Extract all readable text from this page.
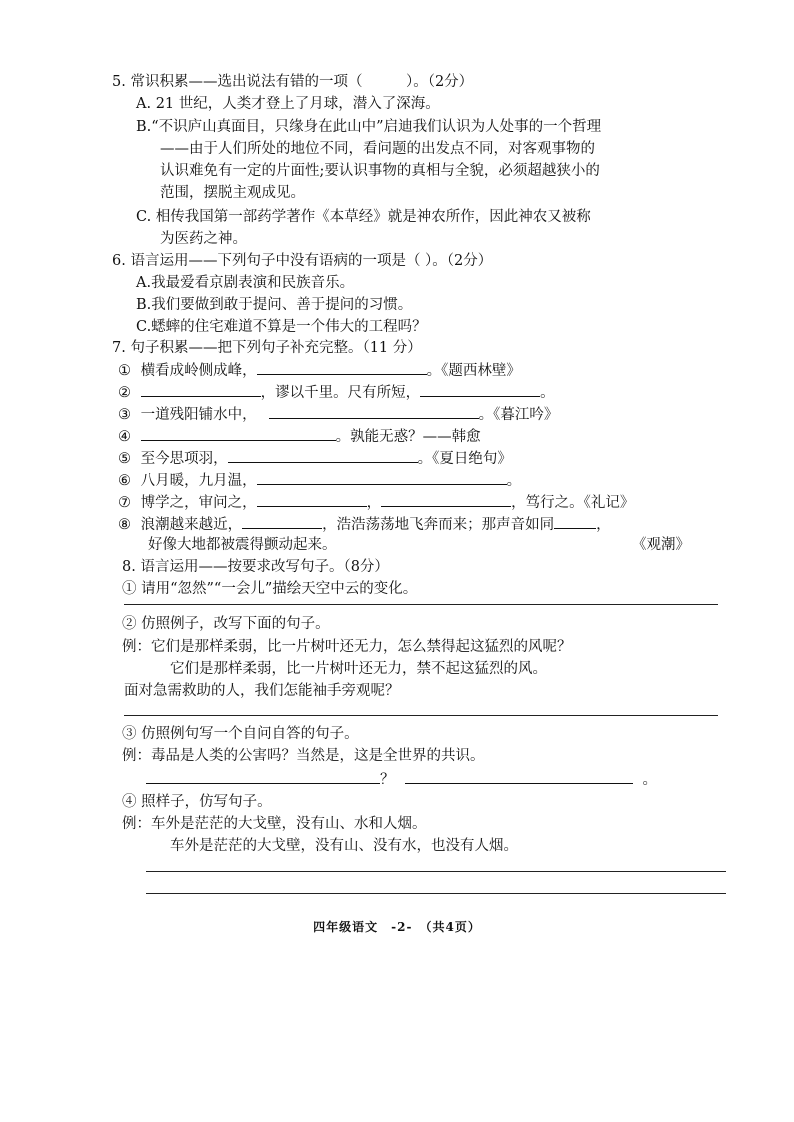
5. 常识积累——选出说法有错的一项（　　　）。（2分）
A. 21 世纪，人类才登上了月球，潜入了深海。
B.“不识庐山真面目，只缘身在此山中”启迪我们认识为人处事的一个哲理
——由于人们所处的地位不同，看问题的出发点不同，对客观事物的
认识难免有一定的片面性;要认识事物的真相与全貌，必须超越狭小的
范围，摆脱主观成见。
C. 相传我国第一部药学著作《本草经》就是神农所作，因此神农又被称
为医药之神。
6. 语言运用——下列句子中没有语病的一项是（ ）。（2分）
A.我最爱看京剧表演和民族音乐。
B.我们要做到敢于提问、善于提问的习惯。
C.蟋蟀的住宅难道不算是一个伟大的工程吗？
7. 句子积累——把下列句子补充完整。（11 分）
① 横看成岭侧成峰，	。《题西林壁》
②	，谬以千里。尺有所短，	。
③ 一道残阳铺水中，	。《暮江吟》
④	。孰能无惑？——韩愈
⑤ 至今思项羽，	。《夏日绝句》
⑥ 八月暖，九月温，	。
⑦ 博学之，审问之，	，	，笃行之。《礼记》
⑧ 浪潮越来越近，	，浩浩荡荡地飞奔而来；那声音如同	，
好像大地都被震得颤动起来。	《观潮》
8. 语言运用——按要求改写句子。（8分）
① 请用“忽然”“一会儿”描绘天空中云的变化。
② 仿照例子，改写下面的句子。
例：它们是那样柔弱，比一片树叶还无力，怎么禁得起这猛烈的风呢？
它们是那样柔弱，比一片树叶还无力，禁不起这猛烈的风。
面对急需救助的人，我们怎能袖手旁观呢？
③ 仿照例句写一个自问自答的句子。
例：毒品是人类的公害吗？当然是，这是全世界的共识。
？	。
④ 照样子，仿写句子。
例：车外是茫茫的大戈壁，没有山、水和人烟。
车外是茫茫的大戈壁，没有山、没有水，也没有人烟。
四年级语文　-2-　（共4页）
